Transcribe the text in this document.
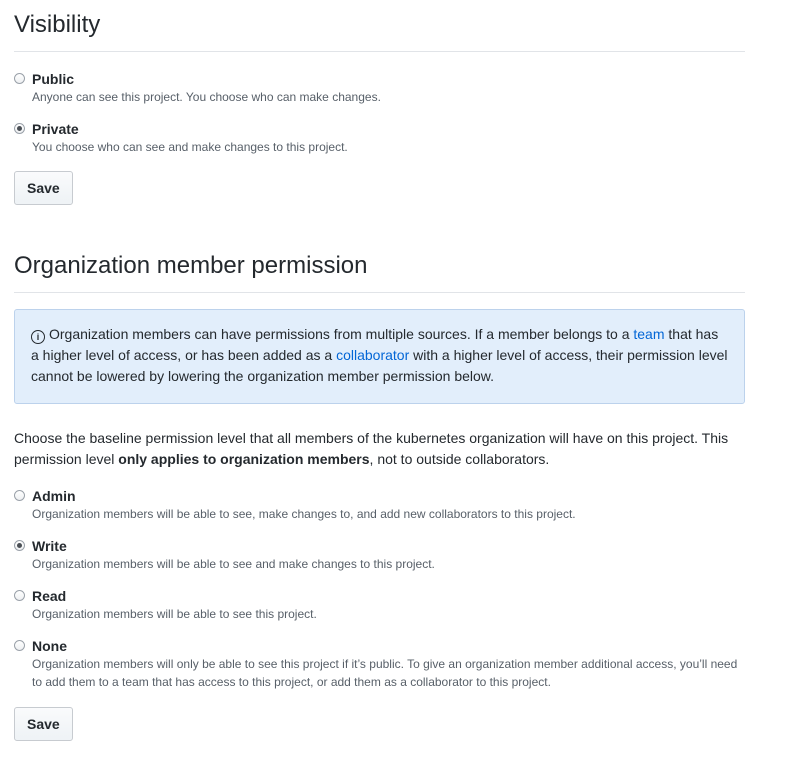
Visibility
Public
Anyone can see this project. You choose who can make changes.
Private
You choose who can see and make changes to this project.
Save
Organization member permission
i Organization members can have permissions from multiple sources. If a member belongs to a team that has a higher level of access, or has been added as a collaborator with a higher level of access, their permission level cannot be lowered by lowering the organization member permission below.
Choose the baseline permission level that all members of the kubernetes organization will have on this project. This permission level only applies to organization members, not to outside collaborators.
Admin
Organization members will be able to see, make changes to, and add new collaborators to this project.
Write
Organization members will be able to see and make changes to this project.
Read
Organization members will be able to see this project.
None
Organization members will only be able to see this project if it’s public. To give an organization member additional access, you’ll need to add them to a team that has access to this project, or add them as a collaborator to this project.
Save
